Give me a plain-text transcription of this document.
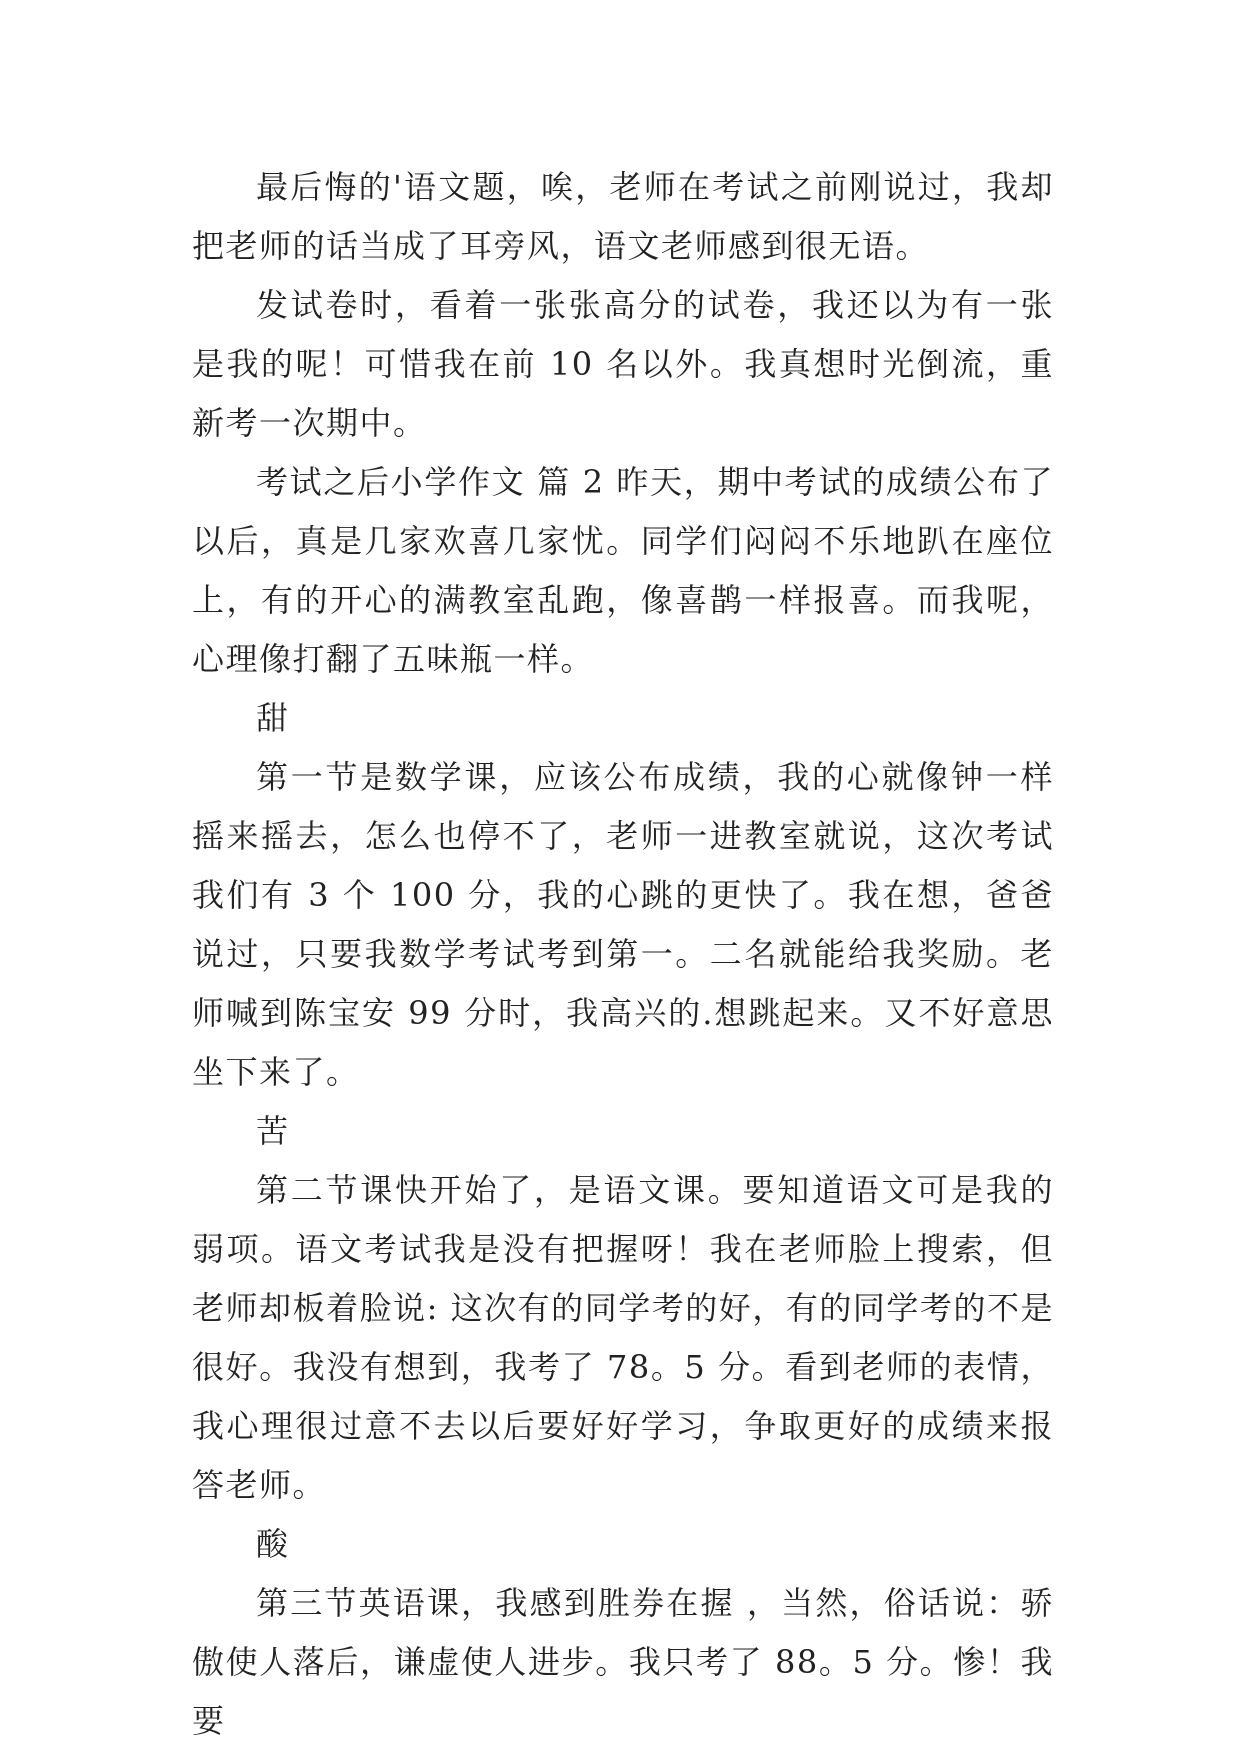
最后悔的'语文题，唉，老师在考试之前刚说过，我却把老师的话当成了耳旁风，语文老师感到很无语。

发试卷时，看着一张张高分的试卷，我还以为有一张是我的呢！可惜我在前 10 名以外。我真想时光倒流，重新考一次期中。

考试之后小学作文 篇 2 昨天，期中考试的成绩公布了以后，真是几家欢喜几家忧。同学们闷闷不乐地趴在座位上，有的开心的满教室乱跑，像喜鹊一样报喜。而我呢，心理像打翻了五味瓶一样。

甜

第一节是数学课，应该公布成绩，我的心就像钟一样摇来摇去，怎么也停不了，老师一进教室就说，这次考试我们有 3 个 100 分，我的心跳的更快了。我在想，爸爸说过，只要我数学考试考到第一。二名就能给我奖励。老师喊到陈宝安 99 分时，我高兴的.想跳起来。又不好意思坐下来了。

苦

第二节课快开始了，是语文课。要知道语文可是我的弱项。语文考试我是没有把握呀！我在老师脸上搜索，但老师却板着脸说: 这次有的同学考的好，有的同学考的不是很好。我没有想到，我考了 78。5 分。看到老师的表情，我心理很过意不去以后要好好学习，争取更好的成绩来报答老师。

酸

第三节英语课，我感到胜券在握 ，当然，俗话说：骄傲使人落后，谦虚使人进步。我只考了 88。5 分。惨！我要
